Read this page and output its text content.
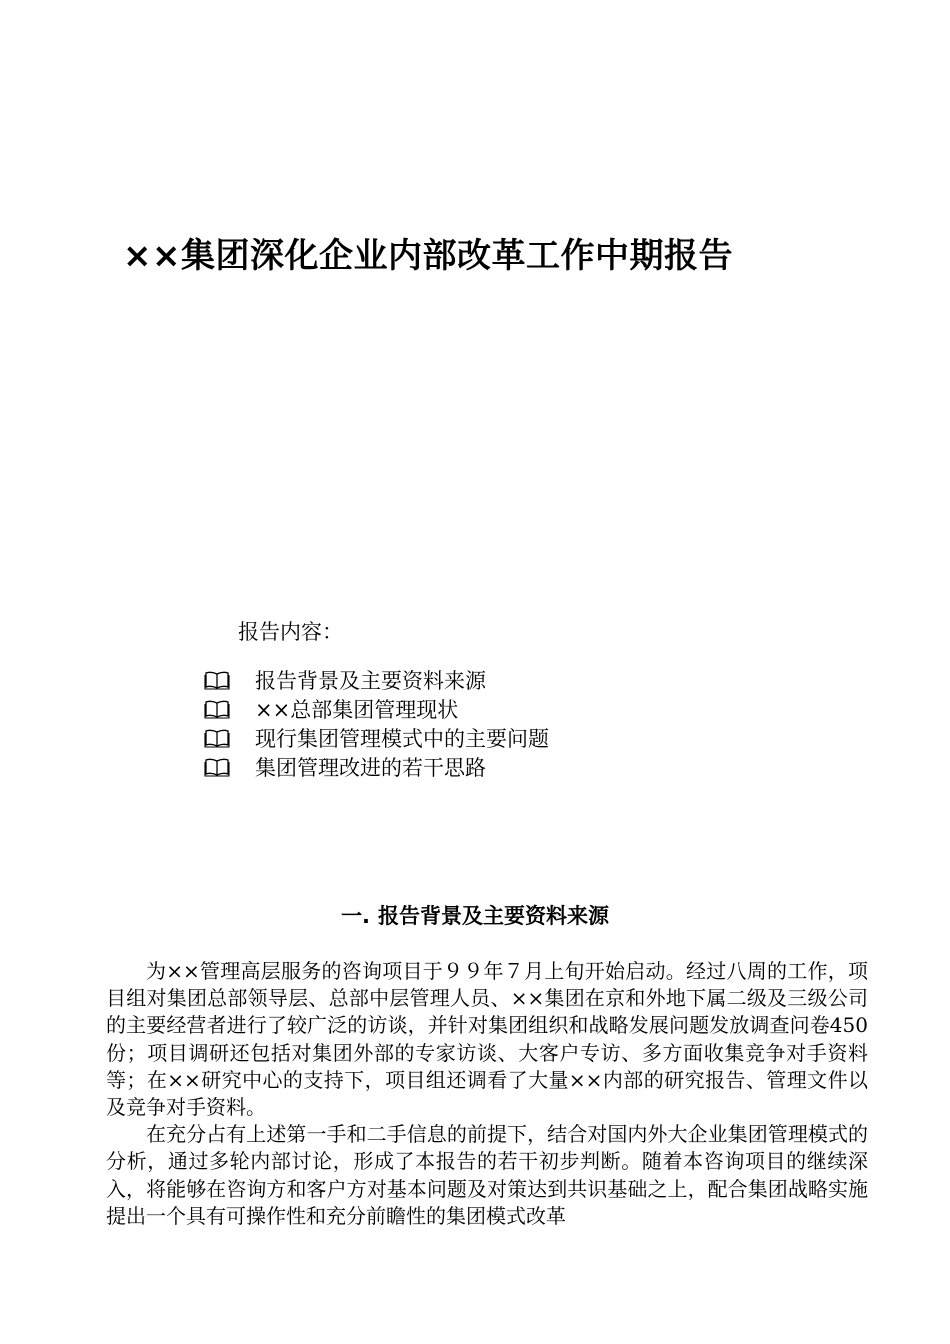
××集团深化企业内部改革工作中期报告
报告内容：
报告背景及主要资料来源
××总部集团管理现状
现行集团管理模式中的主要问题
集团管理改进的若干思路
一. 报告背景及主要资料来源

为××管理高层服务的咨询项目于９９年７月上旬开始启动。经过八周的工作，项目组对集团总部领导层、总部中层管理人员、××集团在京和外地下属二级及三级公司的主要经营者进行了较广泛的访谈，并针对集团组织和战略发展问题发放调查问卷450份；项目调研还包括对集团外部的专家访谈、大客户专访、多方面收集竞争对手资料等；在××研究中心的支持下，项目组还调看了大量××内部的研究报告、管理文件以及竞争对手资料。

在充分占有上述第一手和二手信息的前提下，结合对国内外大企业集团管理模式的分析，通过多轮内部讨论，形成了本报告的若干初步判断。随着本咨询项目的继续深入，将能够在咨询方和客户方对基本问题及对策达到共识基础之上，配合集团战略实施提出一个具有可操作性和充分前瞻性的集团模式改革
